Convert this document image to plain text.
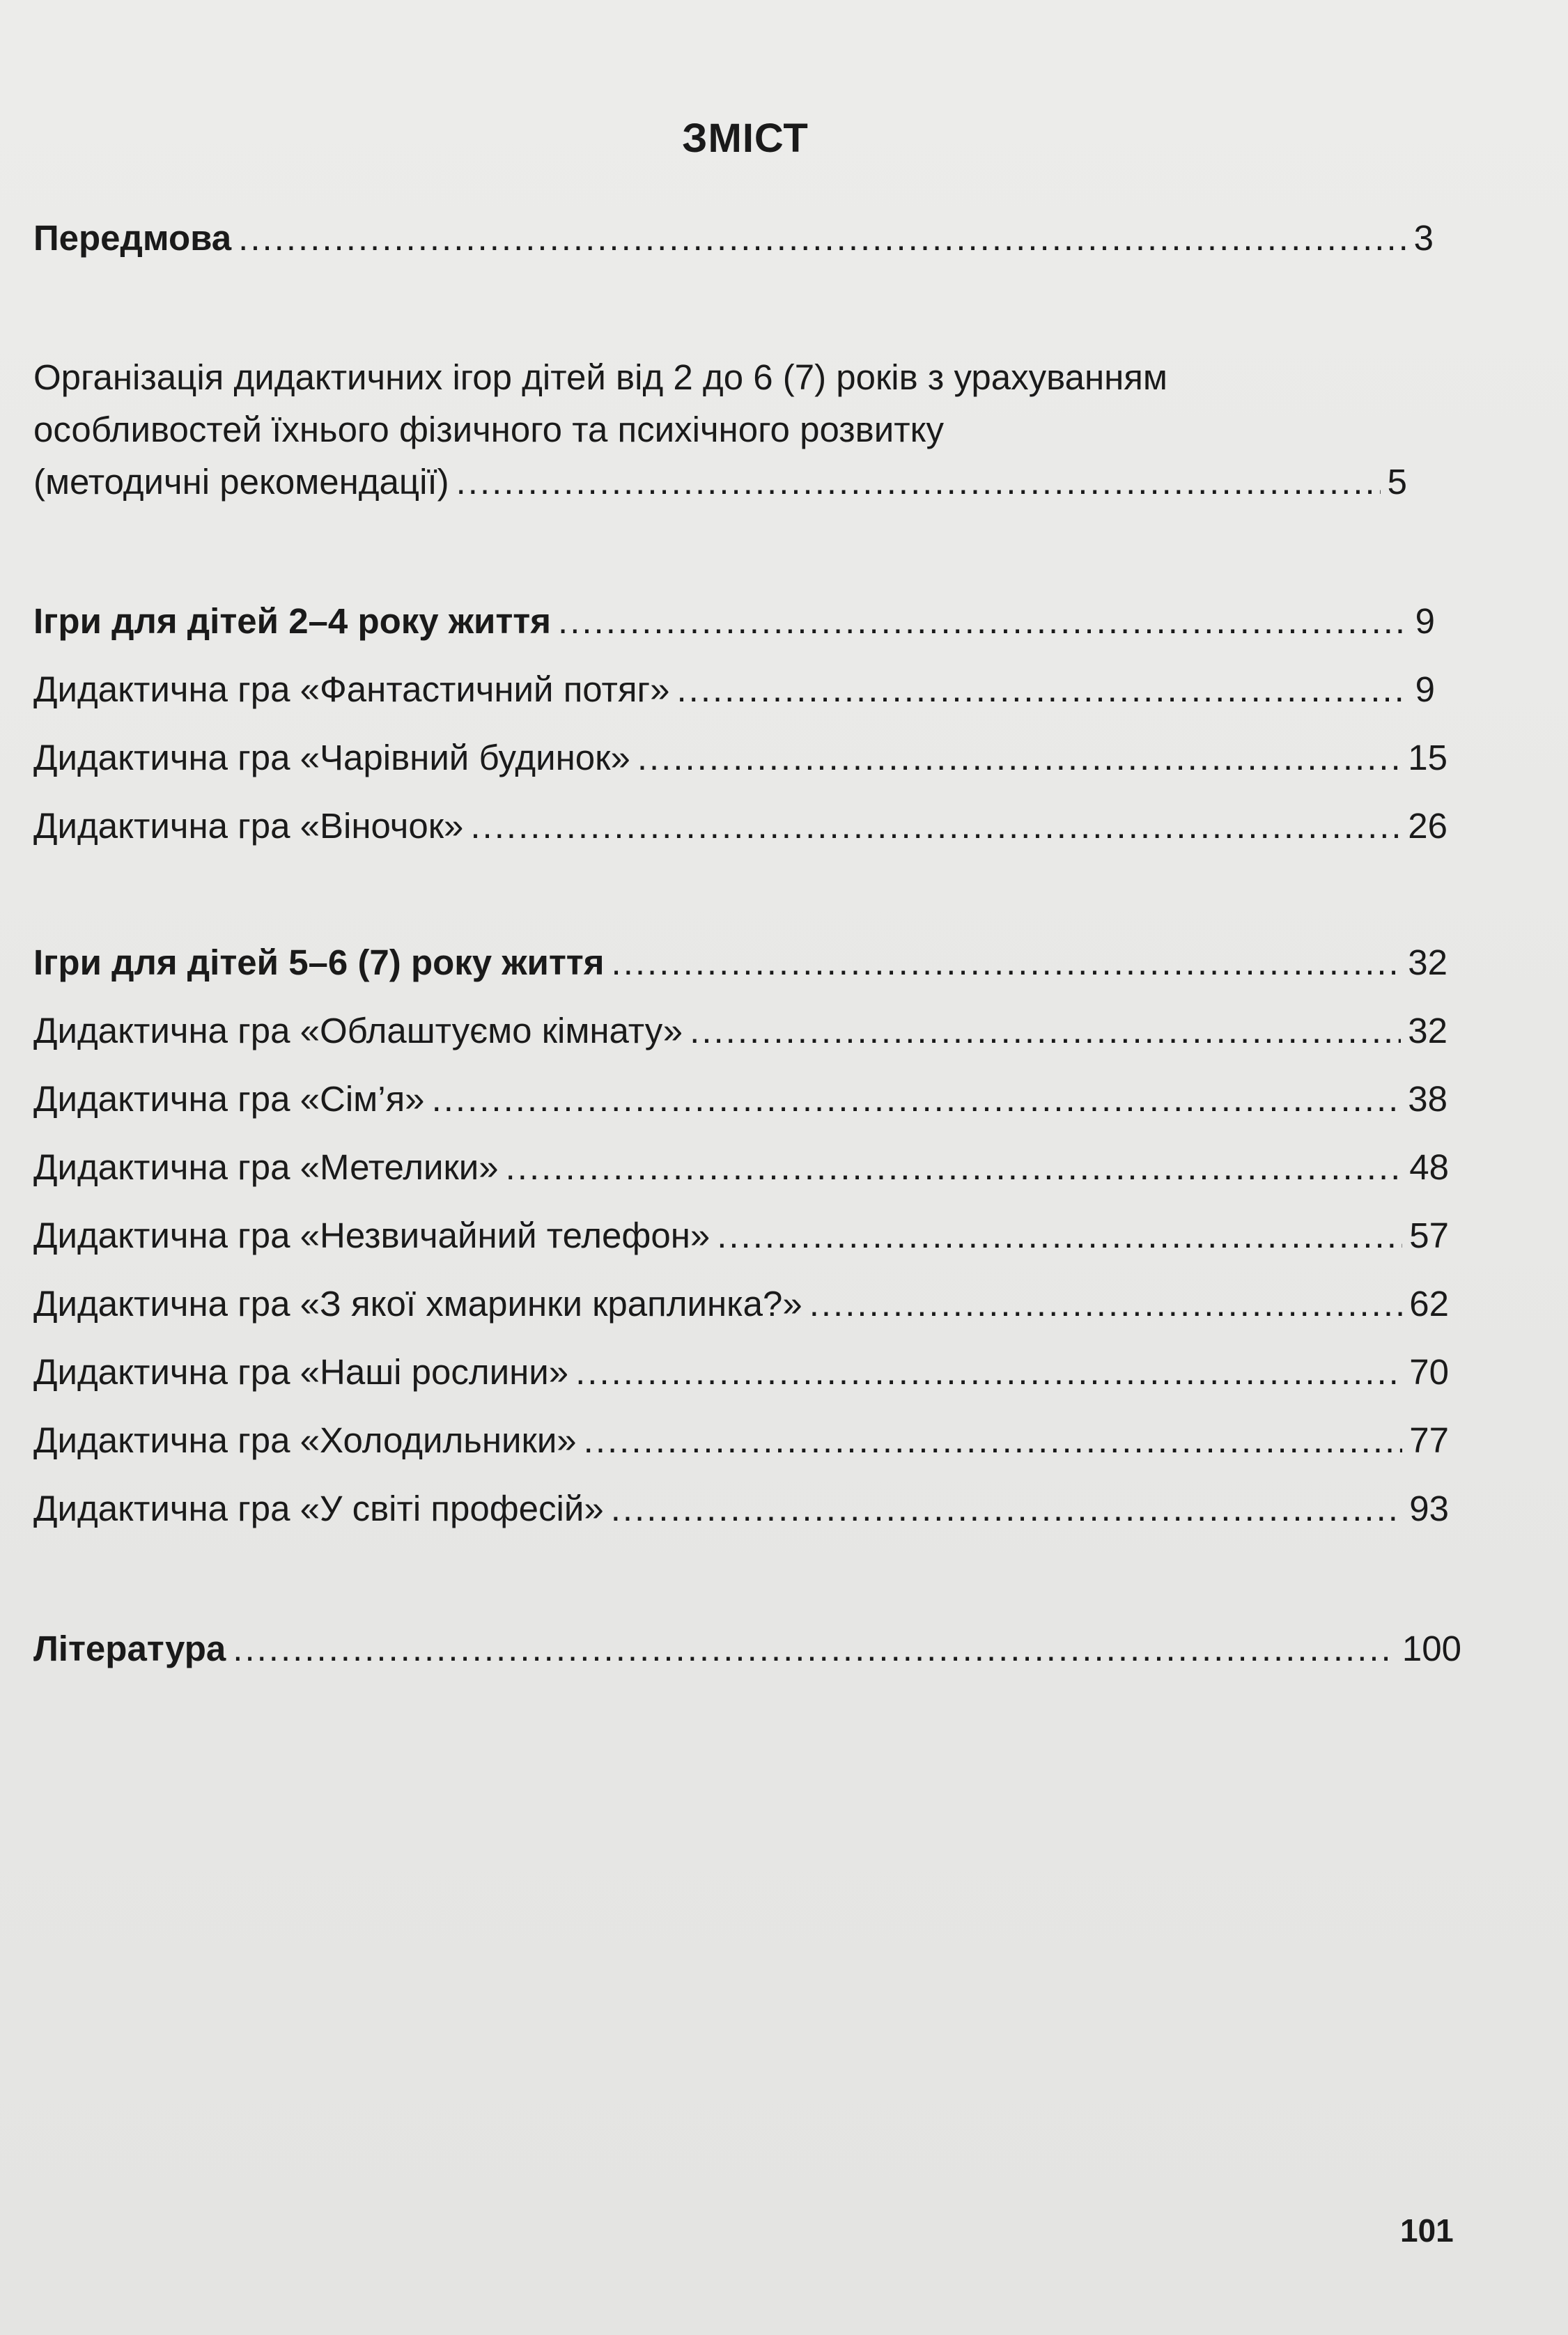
ЗМІСТ
Передмова .....	3
Організація дидактичних ігор дітей від 2 до 6 (7) років з урахуванням
особливостей їхнього фізичного та психічного розвитку
(методичні рекомендації) .....	5
Ігри для дітей 2–4 року життя .....	9
Дидактична гра «Фантастичний потяг» .....	9
Дидактична гра «Чарівний будинок» .....	15
Дидактична гра «Віночок» .....	26
Ігри для дітей 5–6 (7) року життя .....	32
Дидактична гра «Облаштуємо кімнату» .....	32
Дидактична гра «Сім’я» .....	38
Дидактична гра «Метелики» .....	48
Дидактична гра «Незвичайний телефон» .....	57
Дидактична гра «З якої хмаринки краплинка?» .....	62
Дидактична гра «Наші рослини» .....	70
Дидактична гра «Холодильники» .....	77
Дидактична гра «У світі професій» .....	93
Література .....	100
101
